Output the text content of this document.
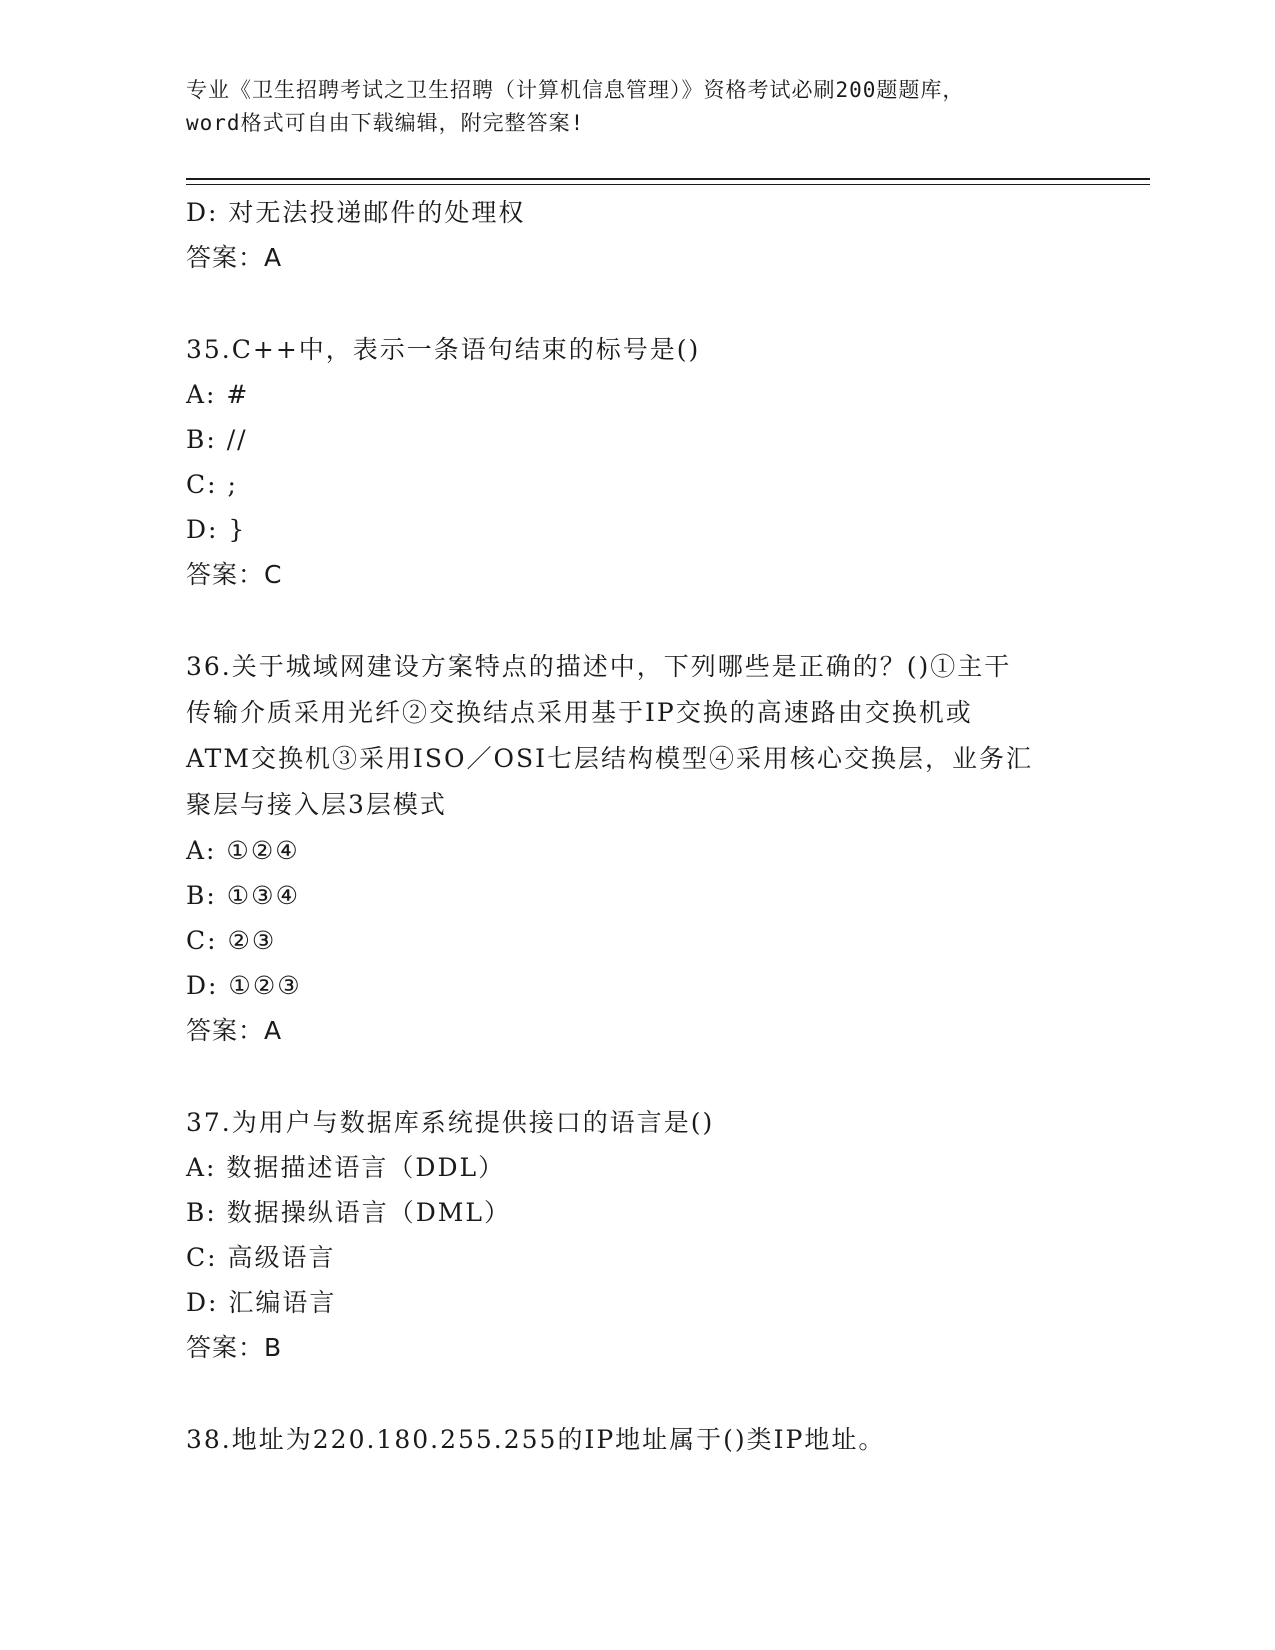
专业《卫生招聘考试之卫生招聘（计算机信息管理）》资格考试必刷200题题库，
word格式可自由下载编辑，附完整答案!
D: 对无法投递邮件的处理权
答案：A
35.C++中，表示一条语句结束的标号是()
A: #
B: //
C: ;
D: }
答案：C
36.关于城域网建设方案特点的描述中，下列哪些是正确的？()①主干
传输介质采用光纤②交换结点采用基于IP交换的高速路由交换机或
ATM交换机③采用ISO／OSI七层结构模型④采用核心交换层，业务汇
聚层与接入层3层模式
A: ①②④
B: ①③④
C: ②③
D: ①②③
答案：A
37.为用户与数据库系统提供接口的语言是()
A: 数据描述语言（DDL）
B: 数据操纵语言（DML）
C: 高级语言
D: 汇编语言
答案：B
38.地址为220.180.255.255的IP地址属于()类IP地址。
